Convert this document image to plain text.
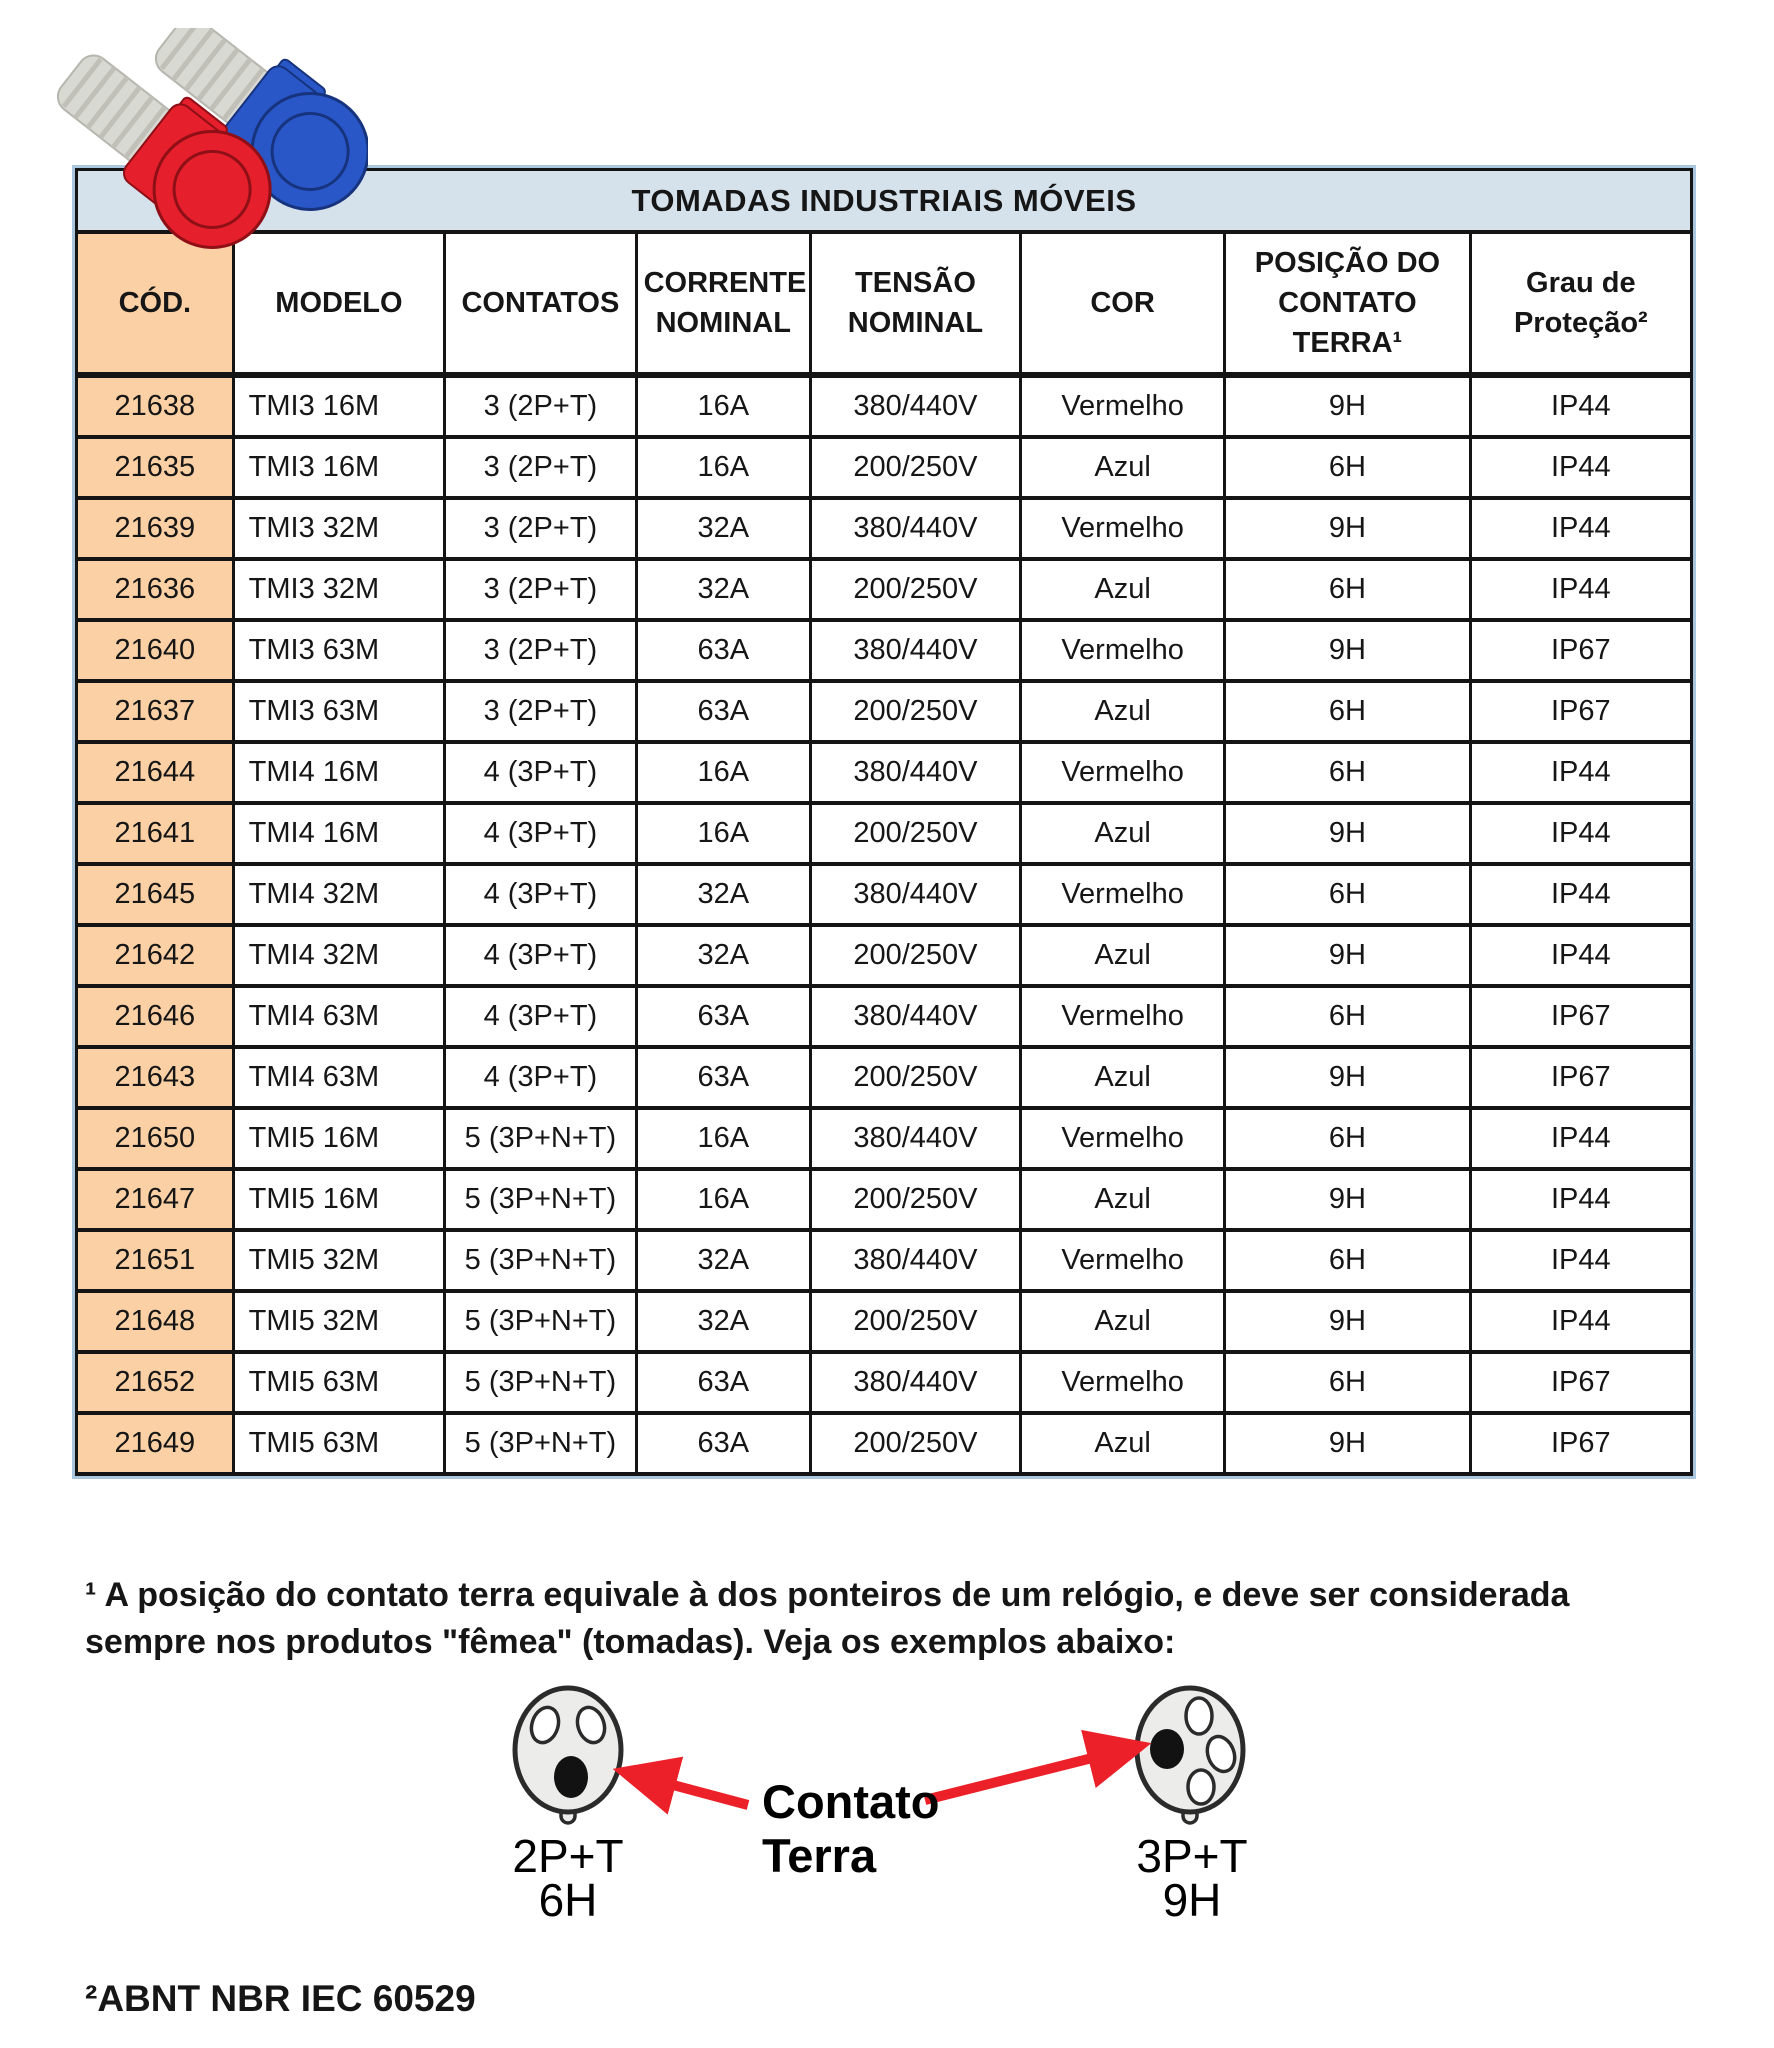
TOMADAS INDUSTRIAIS MÓVEIS
CÓD.	MODELO	CONTATOS	CORRENTE NOMINAL	TENSÃO NOMINAL	COR	POSIÇÃO DO CONTATO TERRA¹	Grau de Proteção²
21638	TMI3 16M	3 (2P+T)	16A	380/440V	Vermelho	9H	IP44
21635	TMI3 16M	3 (2P+T)	16A	200/250V	Azul	6H	IP44
21639	TMI3 32M	3 (2P+T)	32A	380/440V	Vermelho	9H	IP44
21636	TMI3 32M	3 (2P+T)	32A	200/250V	Azul	6H	IP44
21640	TMI3 63M	3 (2P+T)	63A	380/440V	Vermelho	9H	IP67
21637	TMI3 63M	3 (2P+T)	63A	200/250V	Azul	6H	IP67
21644	TMI4 16M	4 (3P+T)	16A	380/440V	Vermelho	6H	IP44
21641	TMI4 16M	4 (3P+T)	16A	200/250V	Azul	9H	IP44
21645	TMI4 32M	4 (3P+T)	32A	380/440V	Vermelho	6H	IP44
21642	TMI4 32M	4 (3P+T)	32A	200/250V	Azul	9H	IP44
21646	TMI4 63M	4 (3P+T)	63A	380/440V	Vermelho	6H	IP67
21643	TMI4 63M	4 (3P+T)	63A	200/250V	Azul	9H	IP67
21650	TMI5 16M	5 (3P+N+T)	16A	380/440V	Vermelho	6H	IP44
21647	TMI5 16M	5 (3P+N+T)	16A	200/250V	Azul	9H	IP44
21651	TMI5 32M	5 (3P+N+T)	32A	380/440V	Vermelho	6H	IP44
21648	TMI5 32M	5 (3P+N+T)	32A	200/250V	Azul	9H	IP44
21652	TMI5 63M	5 (3P+N+T)	63A	380/440V	Vermelho	6H	IP67
21649	TMI5 63M	5 (3P+N+T)	63A	200/250V	Azul	9H	IP67
¹ A posição do contato terra equivale à dos ponteiros de um relógio, e deve ser considerada sempre nos produtos "fêmea" (tomadas). Veja os exemplos abaixo:
Contato
Terra
2P+T
6H
3P+T
9H
²ABNT NBR IEC 60529
